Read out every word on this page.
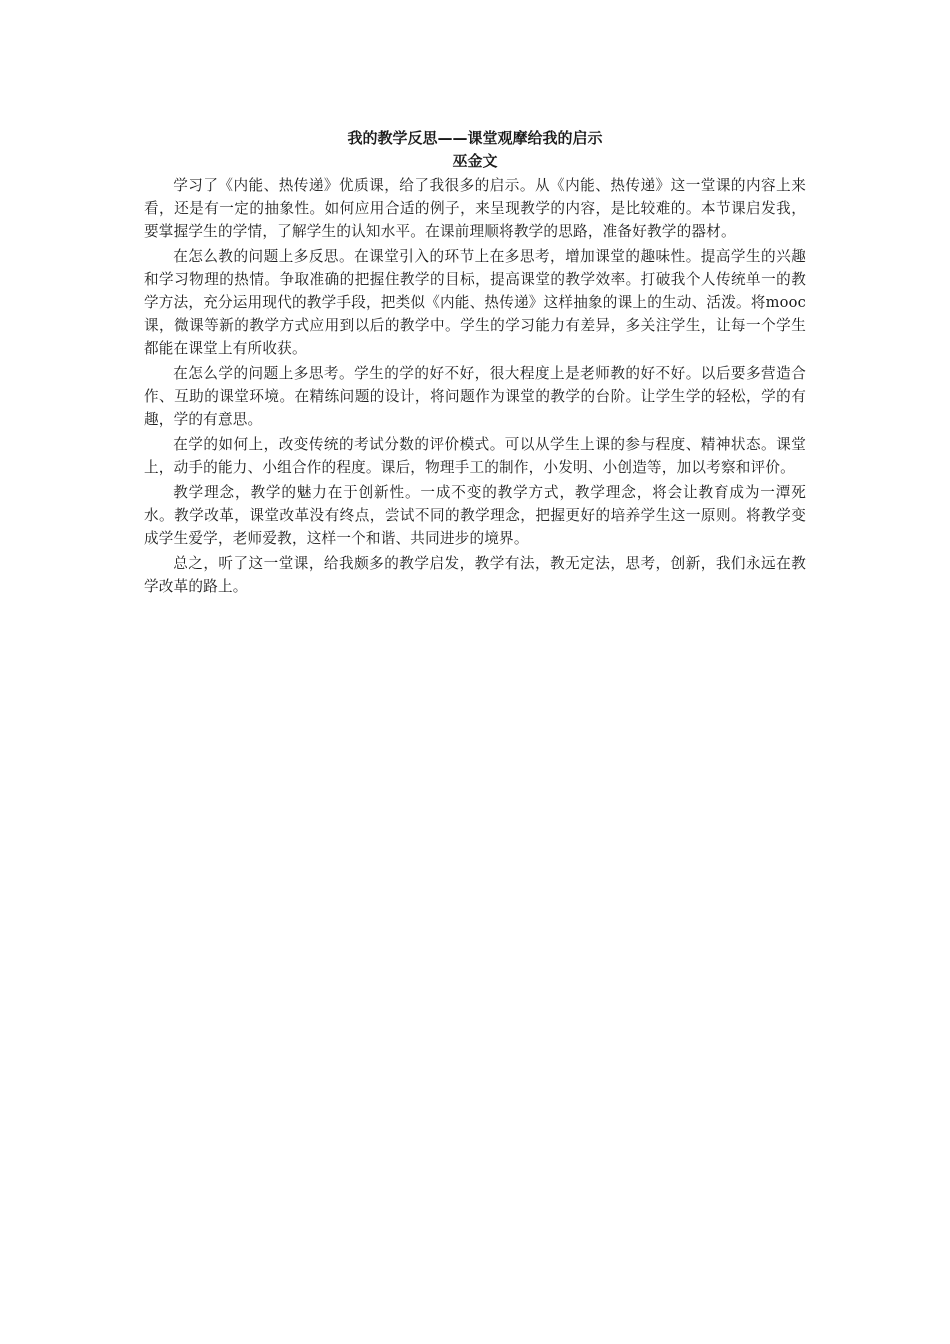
我的教学反思——课堂观摩给我的启示

巫金文

学习了《内能、热传递》优质课，给了我很多的启示。从《内能、热传递》这一堂课的内容上来看，还是有一定的抽象性。如何应用合适的例子，来呈现教学的内容，是比较难的。本节课启发我，要掌握学生的学情，了解学生的认知水平。在课前理顺将教学的思路，准备好教学的器材。

在怎么教的问题上多反思。在课堂引入的环节上在多思考，增加课堂的趣味性。提高学生的兴趣和学习物理的热情。争取准确的把握住教学的目标，提高课堂的教学效率。打破我个人传统单一的教学方法，充分运用现代的教学手段，把类似《内能、热传递》这样抽象的课上的生动、活泼。将mooc课，微课等新的教学方式应用到以后的教学中。学生的学习能力有差异，多关注学生，让每一个学生都能在课堂上有所收获。

在怎么学的问题上多思考。学生的学的好不好，很大程度上是老师教的好不好。以后要多营造合作、互助的课堂环境。在精练问题的设计，将问题作为课堂的教学的台阶。让学生学的轻松，学的有趣，学的有意思。

在学的如何上，改变传统的考试分数的评价模式。可以从学生上课的参与程度、精神状态。课堂上，动手的能力、小组合作的程度。课后，物理手工的制作，小发明、小创造等，加以考察和评价。

教学理念，教学的魅力在于创新性。一成不变的教学方式，教学理念，将会让教育成为一潭死水。教学改革，课堂改革没有终点，尝试不同的教学理念，把握更好的培养学生这一原则。将教学变成学生爱学，老师爱教，这样一个和谐、共同进步的境界。

总之，听了这一堂课，给我颇多的教学启发，教学有法，教无定法，思考，创新，我们永远在教学改革的路上。
